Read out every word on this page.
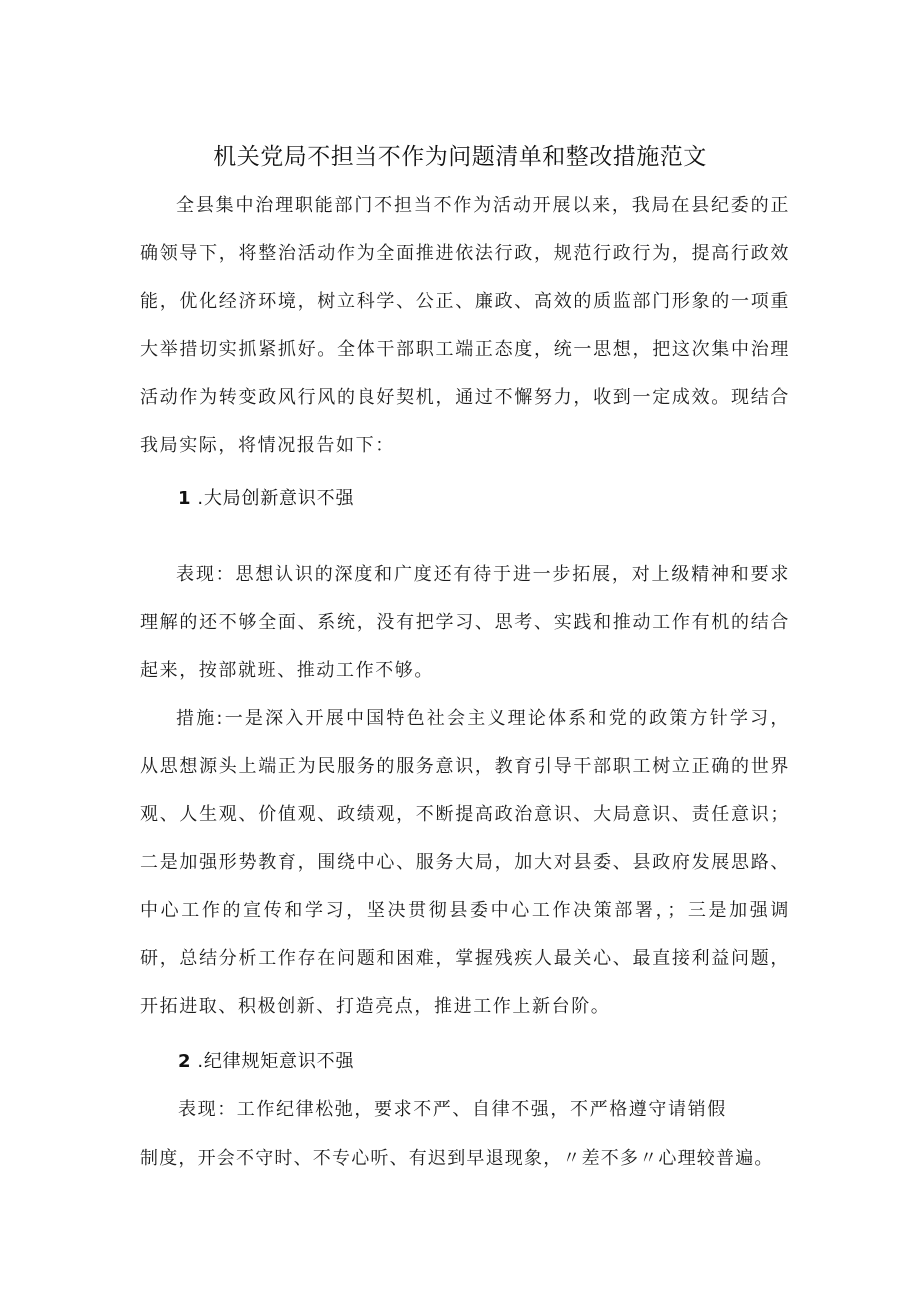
机关党局不担当不作为问题清单和整改措施范文

全县集中治理职能部门不担当不作为活动开展以来，我局在县纪委的正确领导下，将整治活动作为全面推进依法行政，规范行政行为，提高行政效能，优化经济环境，树立科学、公正、廉政、高效的质监部门形象的一项重大举措切实抓紧抓好。全体干部职工端正态度，统一思想，把这次集中治理活动作为转变政风行风的良好契机，通过不懈努力，收到一定成效。现结合我局实际，将情况报告如下：

1 .大局创新意识不强

表现：思想认识的深度和广度还有待于进一步拓展，对上级精神和要求理解的还不够全面、系统，没有把学习、思考、实践和推动工作有机的结合起来，按部就班、推动工作不够。

措施:一是深入开展中国特色社会主义理论体系和党的政策方针学习，从思想源头上端正为民服务的服务意识，教育引导干部职工树立正确的世界观、人生观、价值观、政绩观，不断提高政治意识、大局意识、责任意识；二是加强形势教育，围绕中心、服务大局，加大对县委、县政府发展思路、中心工作的宣传和学习，坚决贯彻县委中心工作决策部署，；三是加强调研，总结分析工作存在问题和困难，掌握残疾人最关心、最直接利益问题，开拓进取、积极创新、打造亮点，推进工作上新台阶。

2 .纪律规矩意识不强

表现：工作纪律松弛，要求不严、自律不强，不严格遵守请销假

制度，开会不守时、不专心听、有迟到早退现象，〃差不多〃心理较普遍。
